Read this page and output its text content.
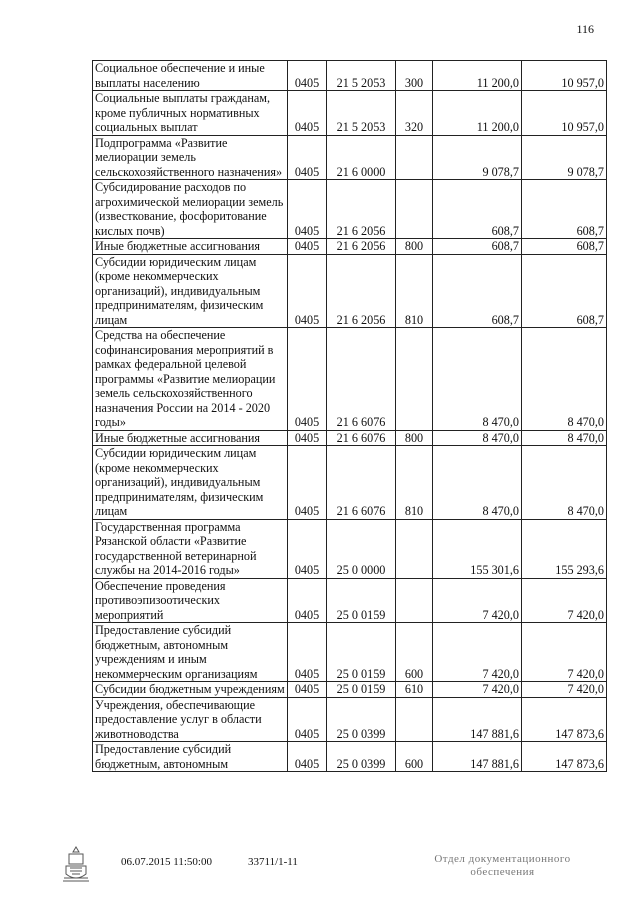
116
Социальное обеспечение и иные выплаты населению	0405	21 5 2053	300	11 200,0	10 957,0
Социальные выплаты гражданам, кроме публичных нормативных социальных выплат	0405	21 5 2053	320	11 200,0	10 957,0
Подпрограмма «Развитие мелиорации земель сельскохозяйственного назначения»	0405	21 6 0000		9 078,7	9 078,7
Субсидирование расходов по агрохимической мелиорации земель (известкование, фосфоритование кислых почв)	0405	21 6 2056		608,7	608,7
Иные бюджетные ассигнования	0405	21 6 2056	800	608,7	608,7
Субсидии юридическим лицам (кроме некоммерческих организаций), индивидуальным предпринимателям, физическим лицам	0405	21 6 2056	810	608,7	608,7
Средства на обеспечение софинансирования мероприятий в рамках федеральной целевой программы «Развитие мелиорации земель сельскохозяйственного назначения России на 2014 - 2020 годы»	0405	21 6 6076		8 470,0	8 470,0
Иные бюджетные ассигнования	0405	21 6 6076	800	8 470,0	8 470,0
Субсидии юридическим лицам (кроме некоммерческих организаций), индивидуальным предпринимателям, физическим лицам	0405	21 6 6076	810	8 470,0	8 470,0
Государственная программа Рязанской области «Развитие государственной ветеринарной службы на 2014-2016 годы»	0405	25 0 0000		155 301,6	155 293,6
Обеспечение проведения противоэпизоотических мероприятий	0405	25 0 0159		7 420,0	7 420,0
Предоставление субсидий бюджетным, автономным учреждениям и иным некоммерческим организациям	0405	25 0 0159	600	7 420,0	7 420,0
Субсидии бюджетным учреждениям	0405	25 0 0159	610	7 420,0	7 420,0
Учреждения, обеспечивающие предоставление услуг в области животноводства	0405	25 0 0399		147 881,6	147 873,6
Предоставление субсидий бюджетным, автономным	0405	25 0 0399	600	147 881,6	147 873,6
06.07.2015 11:50:00	33711/1-11	Отдел документационного
обеспечения
